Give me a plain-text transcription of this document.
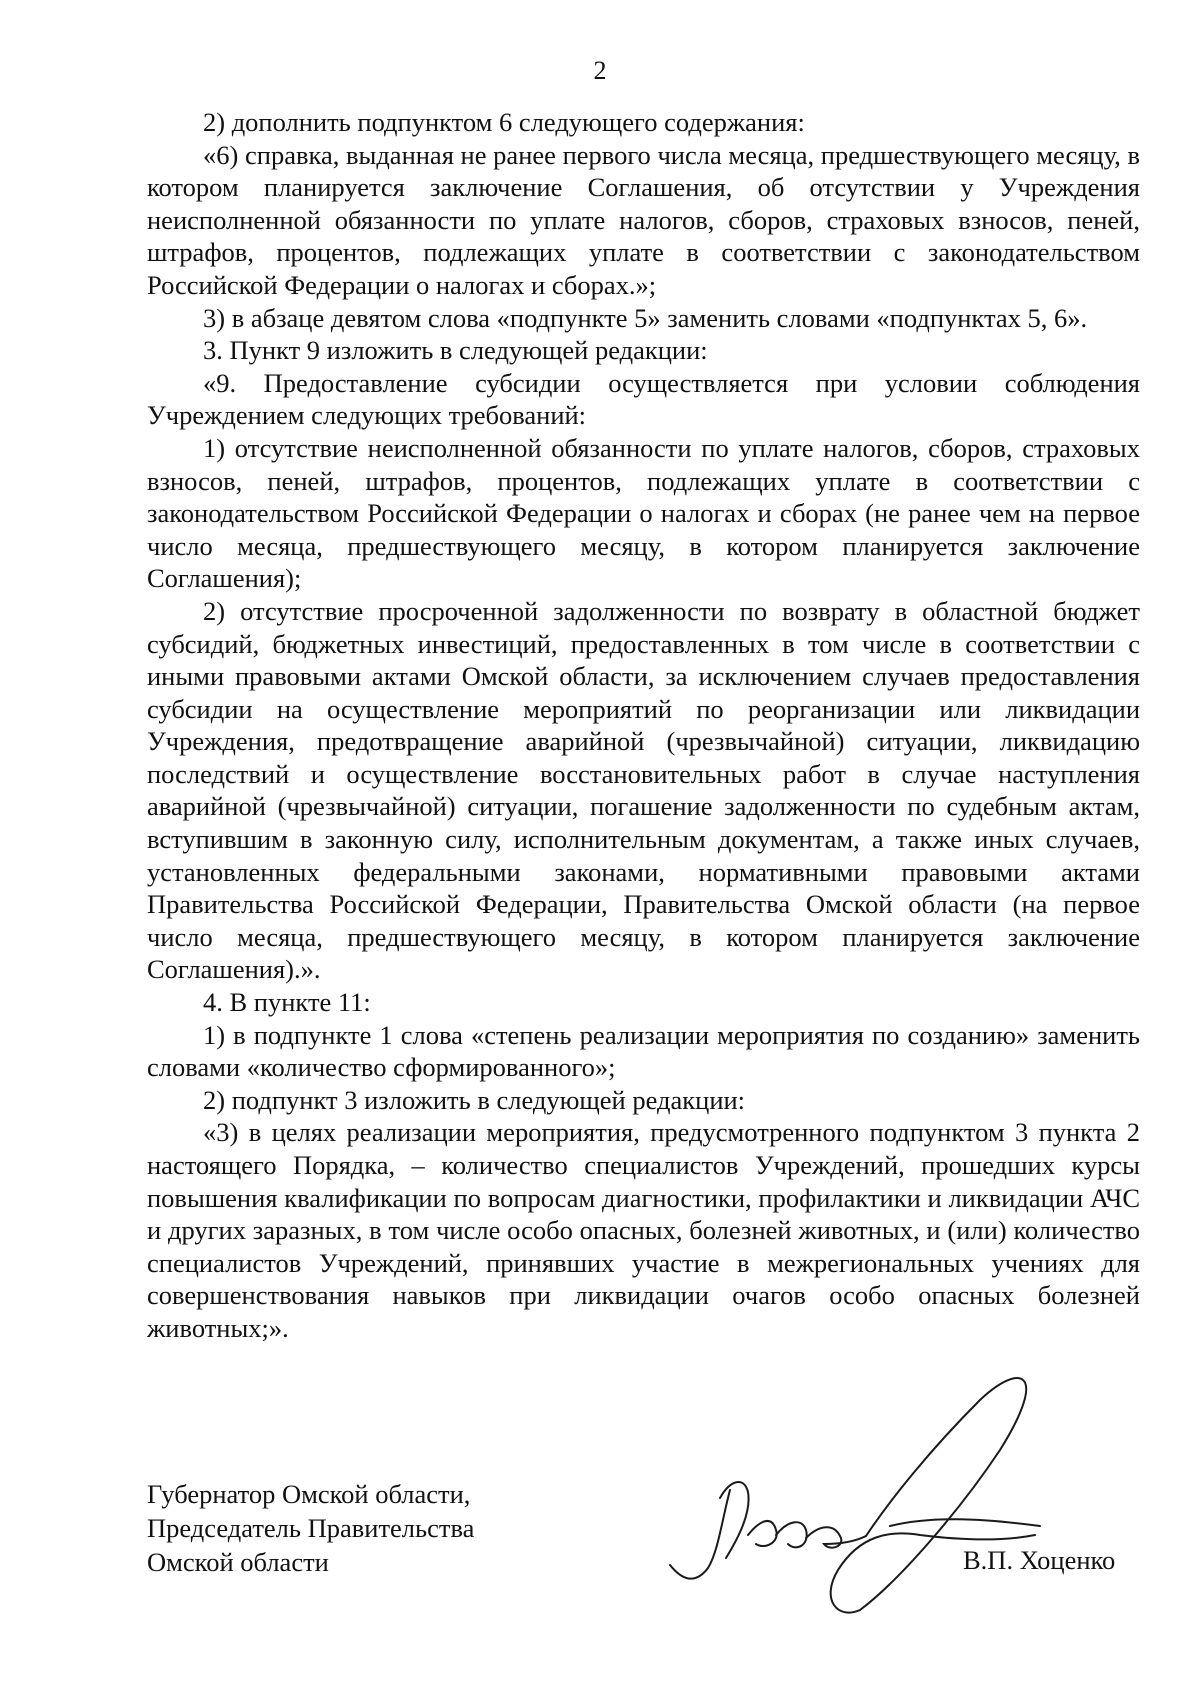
2

2) дополнить подпунктом 6 следующего содержания:

«6) справка, выданная не ранее первого числа месяца, предшествующего месяцу, в котором планируется заключение Соглашения, об отсутствии у Учреждения неисполненной обязанности по уплате налогов, сборов, страховых взносов, пеней, штрафов, процентов, подлежащих уплате в соответствии с законодательством Российской Федерации о налогах и сборах.»;

3) в абзаце девятом слова «подпункте 5» заменить словами «подпунктах 5, 6».

3. Пункт 9 изложить в следующей редакции:

«9. Предоставление субсидии осуществляется при условии соблюдения Учреждением следующих требований:

1) отсутствие неисполненной обязанности по уплате налогов, сборов, страховых взносов, пеней, штрафов, процентов, подлежащих уплате в соответствии с законодательством Российской Федерации о налогах и сборах (не ранее чем на первое число месяца, предшествующего месяцу, в котором планируется заключение Соглашения);

2) отсутствие просроченной задолженности по возврату в областной бюджет субсидий, бюджетных инвестиций, предоставленных в том числе в соответствии с иными правовыми актами Омской области, за исключением случаев предоставления субсидии на осуществление мероприятий по реорганизации или ликвидации Учреждения, предотвращение аварийной (чрезвычайной) ситуации, ликвидацию последствий и осуществление восстановительных работ в случае наступления аварийной (чрезвычайной) ситуации, погашение задолженности по судебным актам, вступившим в законную силу, исполнительным документам, а также иных случаев, установленных федеральными законами, нормативными правовыми актами Правительства Российской Федерации, Правительства Омской области (на первое число месяца, предшествующего месяцу, в котором планируется заключение Соглашения).».

4. В пункте 11:

1) в подпункте 1 слова «степень реализации мероприятия по созданию» заменить словами «количество сформированного»;

2) подпункт 3 изложить в следующей редакции:

«3) в целях реализации мероприятия, предусмотренного подпунктом 3 пункта 2 настоящего Порядка, – количество специалистов Учреждений, прошедших курсы повышения квалификации по вопросам диагностики, профилактики и ликвидации АЧС и других заразных, в том числе особо опасных, болезней животных, и (или) количество специалистов Учреждений, принявших участие в межрегиональных учениях для совершенствования навыков при ликвидации очагов особо опасных болезней животных;».

Губернатор Омской области,
Председатель Правительства
Омской области	В.П. Хоценко
